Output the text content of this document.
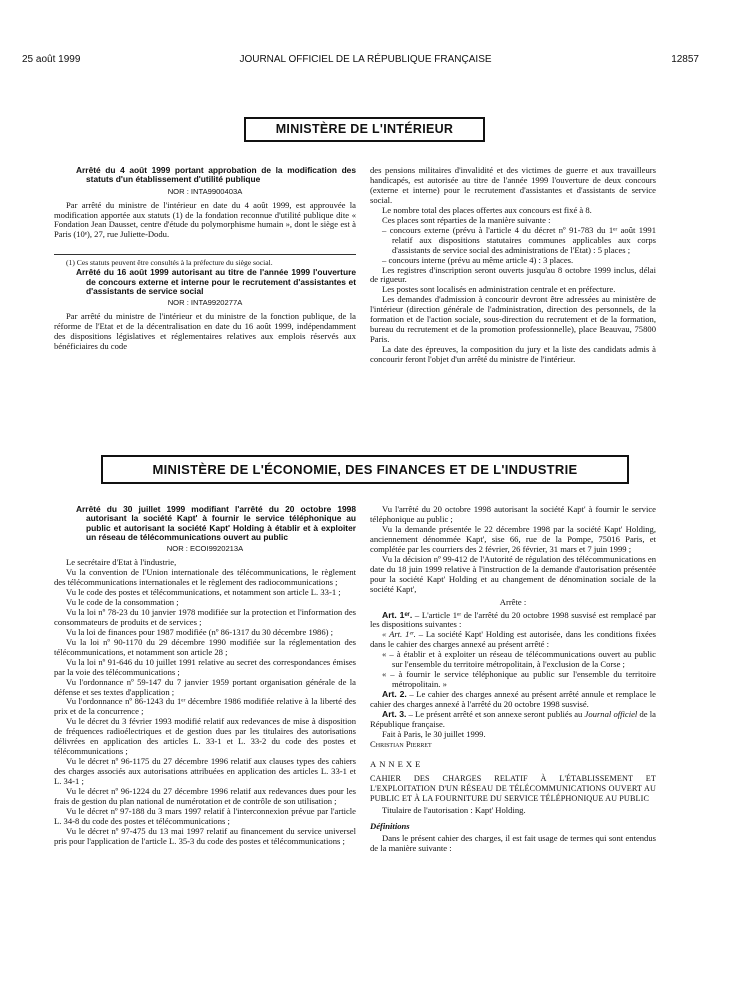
25 août 1999	JOURNAL OFFICIEL DE LA RÉPUBLIQUE FRANÇAISE	12857
MINISTÈRE DE L'INTÉRIEUR
Arrêté du 4 août 1999 portant approbation de la modification des statuts d'un établissement d'utilité publique
NOR : INTA9900403A

Par arrêté du ministre de l'intérieur en date du 4 août 1999, est approuvée la modification apportée aux statuts (1) de la fondation reconnue d'utilité publique dite « Fondation Jean Dausset, centre d'étude du polymorphisme humain », dont le siège est à Paris (10ᵉ), 27, rue Juliette-Dodu.

(1) Ces statuts peuvent être consultés à la préfecture du siège social.

Arrêté du 16 août 1999 autorisant au titre de l'année 1999 l'ouverture de concours externe et interne pour le recrutement d'assistantes et d'assistants de service social
NOR : INTA9920277A

Par arrêté du ministre de l'intérieur et du ministre de la fonction publique, de la réforme de l'Etat et de la décentralisation en date du 16 août 1999, indépendamment des dispositions législatives et réglementaires relatives aux emplois réservés aux bénéficiaires du code

des pensions militaires d'invalidité et des victimes de guerre et aux travailleurs handicapés, est autorisée au titre de l'année 1999 l'ouverture de deux concours (externe et interne) pour le recrutement d'assistantes et d'assistants de service social.

Le nombre total des places offertes aux concours est fixé à 8.

Ces places sont réparties de la manière suivante :

– concours externe (prévu à l'article 4 du décret nº 91-783 du 1ᵉʳ août 1991 relatif aux dispositions statutaires communes applicables aux corps d'assistants de service social des administrations de l'Etat) : 5 places ;

– concours interne (prévu au même article 4) : 3 places.

Les registres d'inscription seront ouverts jusqu'au 8 octobre 1999 inclus, délai de rigueur.

Les postes sont localisés en administration centrale et en préfecture.

Les demandes d'admission à concourir devront être adressées au ministère de l'intérieur (direction générale de l'administration, direction des personnels, de la formation et de l'action sociale, sous-direction du recrutement et de la formation, bureau du recrutement et de la promotion professionnelle), place Beauvau, 75800 Paris.

La date des épreuves, la composition du jury et la liste des candidats admis à concourir feront l'objet d'un arrêté du ministre de l'intérieur.

MINISTÈRE DE L'ÉCONOMIE, DES FINANCES ET DE L'INDUSTRIE
Arrêté du 30 juillet 1999 modifiant l'arrêté du 20 octobre 1998 autorisant la société Kapt' à fournir le service téléphonique au public et autorisant la société Kapt' Holding à établir et à exploiter un réseau de télécommunications ouvert au public
NOR : ECOI9920213A

Le secrétaire d'Etat à l'industrie,

Vu la convention de l'Union internationale des télécommunications, le règlement des télécommunications internationales et le règlement des radiocommunications ;

Vu le code des postes et télécommunications, et notamment son article L. 33-1 ;

Vu le code de la consommation ;

Vu la loi nº 78-23 du 10 janvier 1978 modifiée sur la protection et l'information des consommateurs de produits et de services ;

Vu la loi de finances pour 1987 modifiée (nº 86-1317 du 30 décembre 1986) ;

Vu la loi nº 90-1170 du 29 décembre 1990 modifiée sur la réglementation des télécommunications, et notamment son article 28 ;

Vu la loi nº 91-646 du 10 juillet 1991 relative au secret des correspondances émises par la voie des télécommunications ;

Vu l'ordonnance nº 59-147 du 7 janvier 1959 portant organisation générale de la défense et ses textes d'application ;

Vu l'ordonnance nº 86-1243 du 1ᵉʳ décembre 1986 modifiée relative à la liberté des prix et de la concurrence ;

Vu le décret du 3 février 1993 modifié relatif aux redevances de mise à disposition de fréquences radioélectriques et de gestion dues par les titulaires des autorisations délivrées en application des articles L. 33-1 et L. 33-2 du code des postes et télécommunications ;

Vu le décret nº 96-1175 du 27 décembre 1996 relatif aux clauses types des cahiers des charges associés aux autorisations attribuées en application des articles L. 33-1 et L. 34-1 ;

Vu le décret nº 96-1224 du 27 décembre 1996 relatif aux redevances dues pour les frais de gestion du plan national de numérotation et de contrôle de son utilisation ;

Vu le décret nº 97-188 du 3 mars 1997 relatif à l'interconnexion prévue par l'article L. 34-8 du code des postes et télécommunications ;

Vu le décret nº 97-475 du 13 mai 1997 relatif au financement du service universel pris pour l'application de l'article L. 35-3 du code des postes et télécommunications ;

Vu l'arrêté du 20 octobre 1998 autorisant la société Kapt' à fournir le service téléphonique au public ;

Vu la demande présentée le 22 décembre 1998 par la société Kapt' Holding, anciennement dénommée Kapt', sise 66, rue de la Pompe, 75016 Paris, et complétée par les courriers des 2 février, 26 février, 31 mars et 7 juin 1999 ;

Vu la décision nº 99-412 de l'Autorité de régulation des télécommunications en date du 18 juin 1999 relative à l'instruction de la demande d'autorisation présentée pour la société Kapt' Holding et au changement de dénomination sociale de la société Kapt',

Arrête :

Art. 1ᵉʳ. – L'article 1ᵉʳ de l'arrêté du 20 octobre 1998 susvisé est remplacé par les dispositions suivantes :

« Art. 1ᵉʳ. – La société Kapt' Holding est autorisée, dans les conditions fixées dans le cahier des charges annexé au présent arrêté :

« – à établir et à exploiter un réseau de télécommunications ouvert au public sur l'ensemble du territoire métropolitain, à l'exclusion de la Corse ;

« – à fournir le service téléphonique au public sur l'ensemble du territoire métropolitain. »

Art. 2. – Le cahier des charges annexé au présent arrêté annule et remplace le cahier des charges annexé à l'arrêté du 20 octobre 1998 susvisé.

Art. 3. – Le présent arrêté et son annexe seront publiés au Journal officiel de la République française.

Fait à Paris, le 30 juillet 1999.

Christian Pierret

ANNEXE

CAHIER DES CHARGES RELATIF À L'ÉTABLISSEMENT ET L'EXPLOITATION D'UN RÉSEAU DE TÉLÉCOMMUNICATIONS OUVERT AU PUBLIC ET À LA FOURNITURE DU SERVICE TÉLÉPHONIQUE AU PUBLIC

Titulaire de l'autorisation : Kapt' Holding.

Définitions

Dans le présent cahier des charges, il est fait usage de termes qui sont entendus de la manière suivante :
